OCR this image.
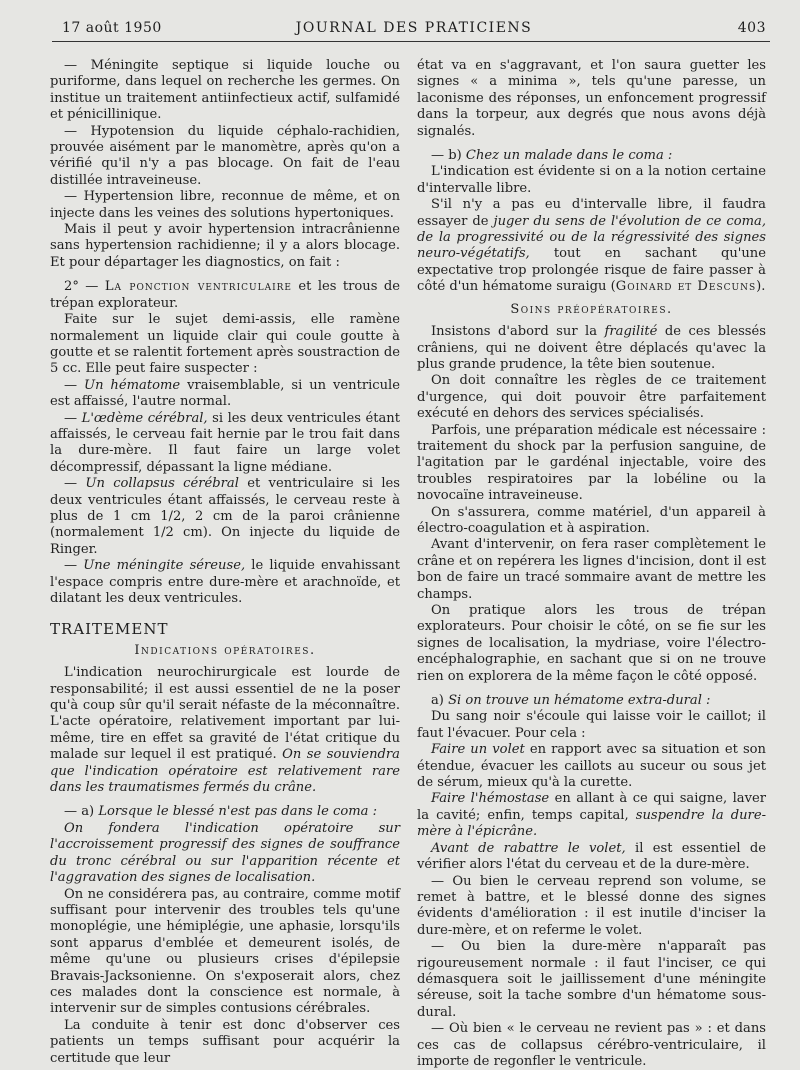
17 août 1950	JOURNAL DES PRATICIENS	403

— Méningite septique si liquide louche ou puriforme, dans lequel on recherche les germes. On institue un traitement antiinfectieux actif, sulfamidé et pénicillinique.

— Hypotension du liquide céphalo-rachidien, prouvée aisément par le manomètre, après qu'on a vérifié qu'il n'y a pas blocage. On fait de l'eau distillée intraveineuse.

— Hypertension libre, reconnue de même, et on injecte dans les veines des solutions hypertoniques.

Mais il peut y avoir hypertension intracrânienne sans hypertension rachidienne; il y a alors blocage. Et pour départager les diagnostics, on fait :

2° — La ponction ventriculaire et les trous de trépan explorateur.

Faite sur le sujet demi-assis, elle ramène normalement un liquide clair qui coule goutte à goutte et se ralentit fortement après soustraction de 5 cc. Elle peut faire suspecter :

— Un hématome vraisemblable, si un ventricule est affaissé, l'autre normal.

— L'œdème cérébral, si les deux ventricules étant affaissés, le cerveau fait hernie par le trou fait dans la dure-mère. Il faut faire un large volet décompressif, dépassant la ligne médiane.

— Un collapsus cérébral et ventriculaire si les deux ventricules étant affaissés, le cerveau reste à plus de 1 cm 1/2, 2 cm de la paroi crânienne (normalement 1/2 cm). On injecte du liquide de Ringer.

— Une méningite séreuse, le liquide envahissant l'espace compris entre dure-mère et arachnoïde, et dilatant les deux ventricules.

TRAITEMENT
Indications opératoires.

L'indication neurochirurgicale est lourde de responsabilité; il est aussi essentiel de ne la poser qu'à coup sûr qu'il serait néfaste de la méconnaître. L'acte opératoire, relativement important par lui-même, tire en effet sa gravité de l'état critique du malade sur lequel il est pratiqué. On se souviendra que l'indication opératoire est relativement rare dans les traumatismes fermés du crâne.

— a) Lorsque le blessé n'est pas dans le coma :

On fondera l'indication opératoire sur l'accroissement progressif des signes de souffrance du tronc cérébral ou sur l'apparition récente et l'aggravation des signes de localisation.

On ne considérera pas, au contraire, comme motif suffisant pour intervenir des troubles tels qu'une monoplégie, une hémiplégie, une aphasie, lorsqu'ils sont apparus d'emblée et demeurent isolés, de même qu'une ou plusieurs crises d'épilepsie Bravais-Jacksonienne. On s'exposerait alors, chez ces malades dont la conscience est normale, à intervenir sur de simples contusions cérébrales.

La conduite à tenir est donc d'observer ces patients un temps suffisant pour acquérir la certitude que leur

état va en s'aggravant, et l'on saura guetter les signes « a minima », tels qu'une paresse, un laconisme des réponses, un enfoncement progressif dans la torpeur, aux degrés que nous avons déjà signalés.

— b) Chez un malade dans le coma :

L'indication est évidente si on a la notion certaine d'intervalle libre.

S'il n'y a pas eu d'intervalle libre, il faudra essayer de juger du sens de l'évolution de ce coma, de la progressivité ou de la régressivité des signes neuro-végétatifs, tout en sachant qu'une expectative trop prolongée risque de faire passer à côté d'un hématome suraigu (Goinard et Descuns).

Soins préopératoires.

Insistons d'abord sur la fragilité de ces blessés crâniens, qui ne doivent être déplacés qu'avec la plus grande prudence, la tête bien soutenue.

On doit connaître les règles de ce traitement d'urgence, qui doit pouvoir être parfaitement exécuté en dehors des services spécialisés.

Parfois, une préparation médicale est nécessaire : traitement du shock par la perfusion sanguine, de l'agitation par le gardénal injectable, voire des troubles respiratoires par la lobéline ou la novocaïne intraveineuse.

On s'assurera, comme matériel, d'un appareil à électro-coagulation et à aspiration.

Avant d'intervenir, on fera raser complètement le crâne et on repérera les lignes d'incision, dont il est bon de faire un tracé sommaire avant de mettre les champs.

On pratique alors les trous de trépan explorateurs. Pour choisir le côté, on se fie sur les signes de localisation, la mydriase, voire l'électro-encéphalographie, en sachant que si on ne trouve rien on explorera de la même façon le côté opposé.

a) Si on trouve un hématome extra-dural :

Du sang noir s'écoule qui laisse voir le caillot; il faut l'évacuer. Pour cela :

Faire un volet en rapport avec sa situation et son étendue, évacuer les caillots au suceur ou sous jet de sérum, mieux qu'à la curette.

Faire l'hémostase en allant à ce qui saigne, laver la cavité; enfin, temps capital, suspendre la dure-mère à l'épicrâne.

Avant de rabattre le volet, il est essentiel de vérifier alors l'état du cerveau et de la dure-mère.

— Ou bien le cerveau reprend son volume, se remet à battre, et le blessé donne des signes évidents d'amélioration : il est inutile d'inciser la dure-mère, et on referme le volet.

— Ou bien la dure-mère n'apparaît pas rigoureusement normale : il faut l'inciser, ce qui démasquera soit le jaillissement d'une méningite séreuse, soit la tache sombre d'un hématome sous-dural.

— Où bien « le cerveau ne revient pas » : et dans ces cas de collapsus cérébro-ventriculaire, il importe de regonfler le ventricule.
